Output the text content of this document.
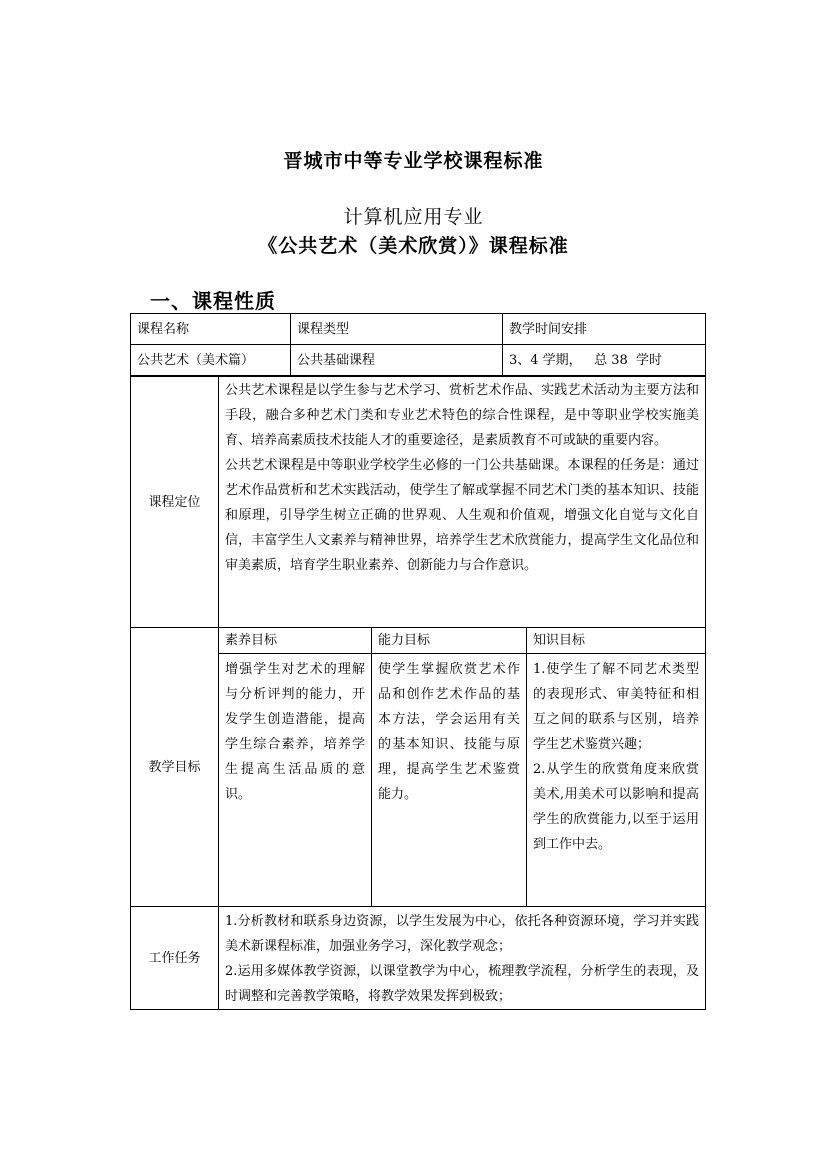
晋城市中等专业学校课程标准
计算机应用专业
《公共艺术（美术欣赏）》课程标准
一、课程性质
课程名称	课程类型	教学时间安排
公共艺术（美术篇）	公共基础课程	3、4 学期，   总 38  学时
课程定位	公共艺术课程是以学生参与艺术学习、赏析艺术作品、实践艺术活动为主要方法和手段，融合多种艺术门类和专业艺术特色的综合性课程，是中等职业学校实施美育、培养高素质技术技能人才的重要途径，是素质教育不可或缺的重要内容。

公共艺术课程是中等职业学校学生必修的一门公共基础课。本课程的任务是：通过艺术作品赏析和艺术实践活动，使学生了解或掌握不同艺术门类的基本知识、技能和原理，引导学生树立正确的世界观、人生观和价值观，增强文化自觉与文化自信，丰富学生人文素养与精神世界，培养学生艺术欣赏能力，提高学生文化品位和审美素质，培育学生职业素养、创新能力与合作意识。		

教学目标	素养目标	能力目标	知识目标
	增强学生对艺术的理解与分析评判的能力，开发学生创造潜能，提高学生综合素养，培养学生提高生活品质的意识。	使学生掌握欣赏艺术作品和创作艺术作品的基本方法，学会运用有关的基本知识、技能与原理，提高学生艺术鉴赏能力。	1.使学生了解不同艺术类型的表现形式、审美特征和相互之间的联系与区别，培养学生艺术鉴赏兴趣；

2.从学生的欣赏角度来欣赏美术,用美术可以影响和提高学生的欣赏能力,以至于运用到工作中去。

工作任务	1.分析教材和联系身边资源，以学生发展为中心，依托各种资源环境，学习并实践美术新课程标准，加强业务学习，深化教学观念；

2.运用多媒体教学资源，以课堂教学为中心，梳理教学流程，分析学生的表现，及时调整和完善教学策略，将教学效果发挥到极致；		
